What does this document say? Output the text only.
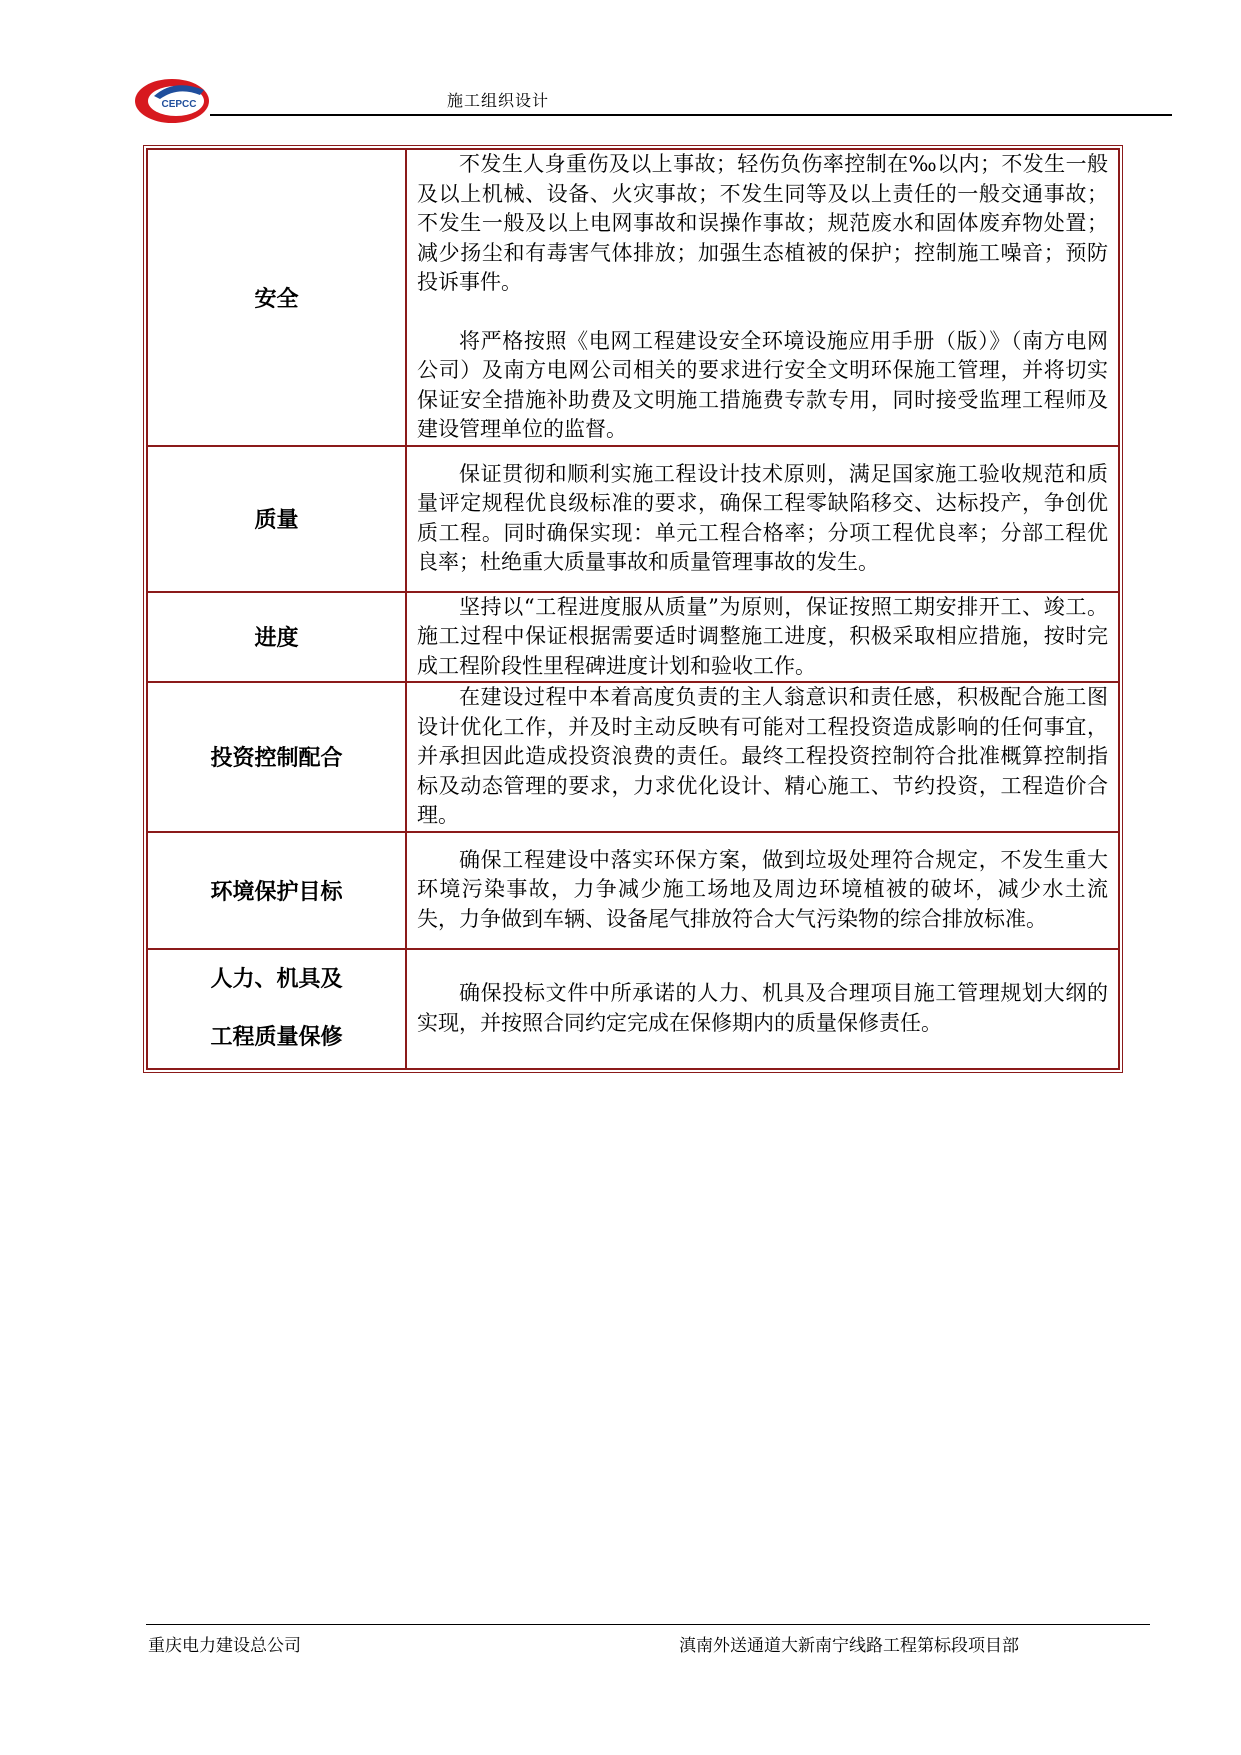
CEPCC	施工组织设计
安全	不发生人身重伤及以上事故；轻伤负伤率控制在‰以内；不发生一般及以上机械、设备、火灾事故；不发生同等及以上责任的一般交通事故；不发生一般及以上电网事故和误操作事故；规范废水和固体废弃物处置；减少扬尘和有毒害气体排放；加强生态植被的保护；控制施工噪音；预防投诉事件。

将严格按照《电网工程建设安全环境设施应用手册（版）》（南方电网公司）及南方电网公司相关的要求进行安全文明环保施工管理，并将切实保证安全措施补助费及文明施工措施费专款专用，同时接受监理工程师及建设管理单位的监督。

质量	保证贯彻和顺利实施工程设计技术原则，满足国家施工验收规范和质量评定规程优良级标准的要求，确保工程零缺陷移交、达标投产，争创优质工程。同时确保实现：单元工程合格率；分项工程优良率；分部工程优良率；杜绝重大质量事故和质量管理事故的发生。

进度	坚持以“工程进度服从质量”为原则，保证按照工期安排开工、竣工。施工过程中保证根据需要适时调整施工进度，积极采取相应措施，按时完成工程阶段性里程碑进度计划和验收工作。

投资控制配合	在建设过程中本着高度负责的主人翁意识和责任感，积极配合施工图设计优化工作，并及时主动反映有可能对工程投资造成影响的任何事宜，并承担因此造成投资浪费的责任。最终工程投资控制符合批准概算控制指标及动态管理的要求，力求优化设计、精心施工、节约投资，工程造价合理。

环境保护目标	确保工程建设中落实环保方案，做到垃圾处理符合规定，不发生重大环境污染事故，力争减少施工场地及周边环境植被的破坏，减少水土流失，力争做到车辆、设备尾气排放符合大气污染物的综合排放标准。

人力、机具及
工程质量保修	确保投标文件中所承诺的人力、机具及合理项目施工管理规划大纲的实现，并按照合同约定完成在保修期内的质量保修责任。

重庆电力建设总公司	滇南外送通道大新南宁线路工程第标段项目部
